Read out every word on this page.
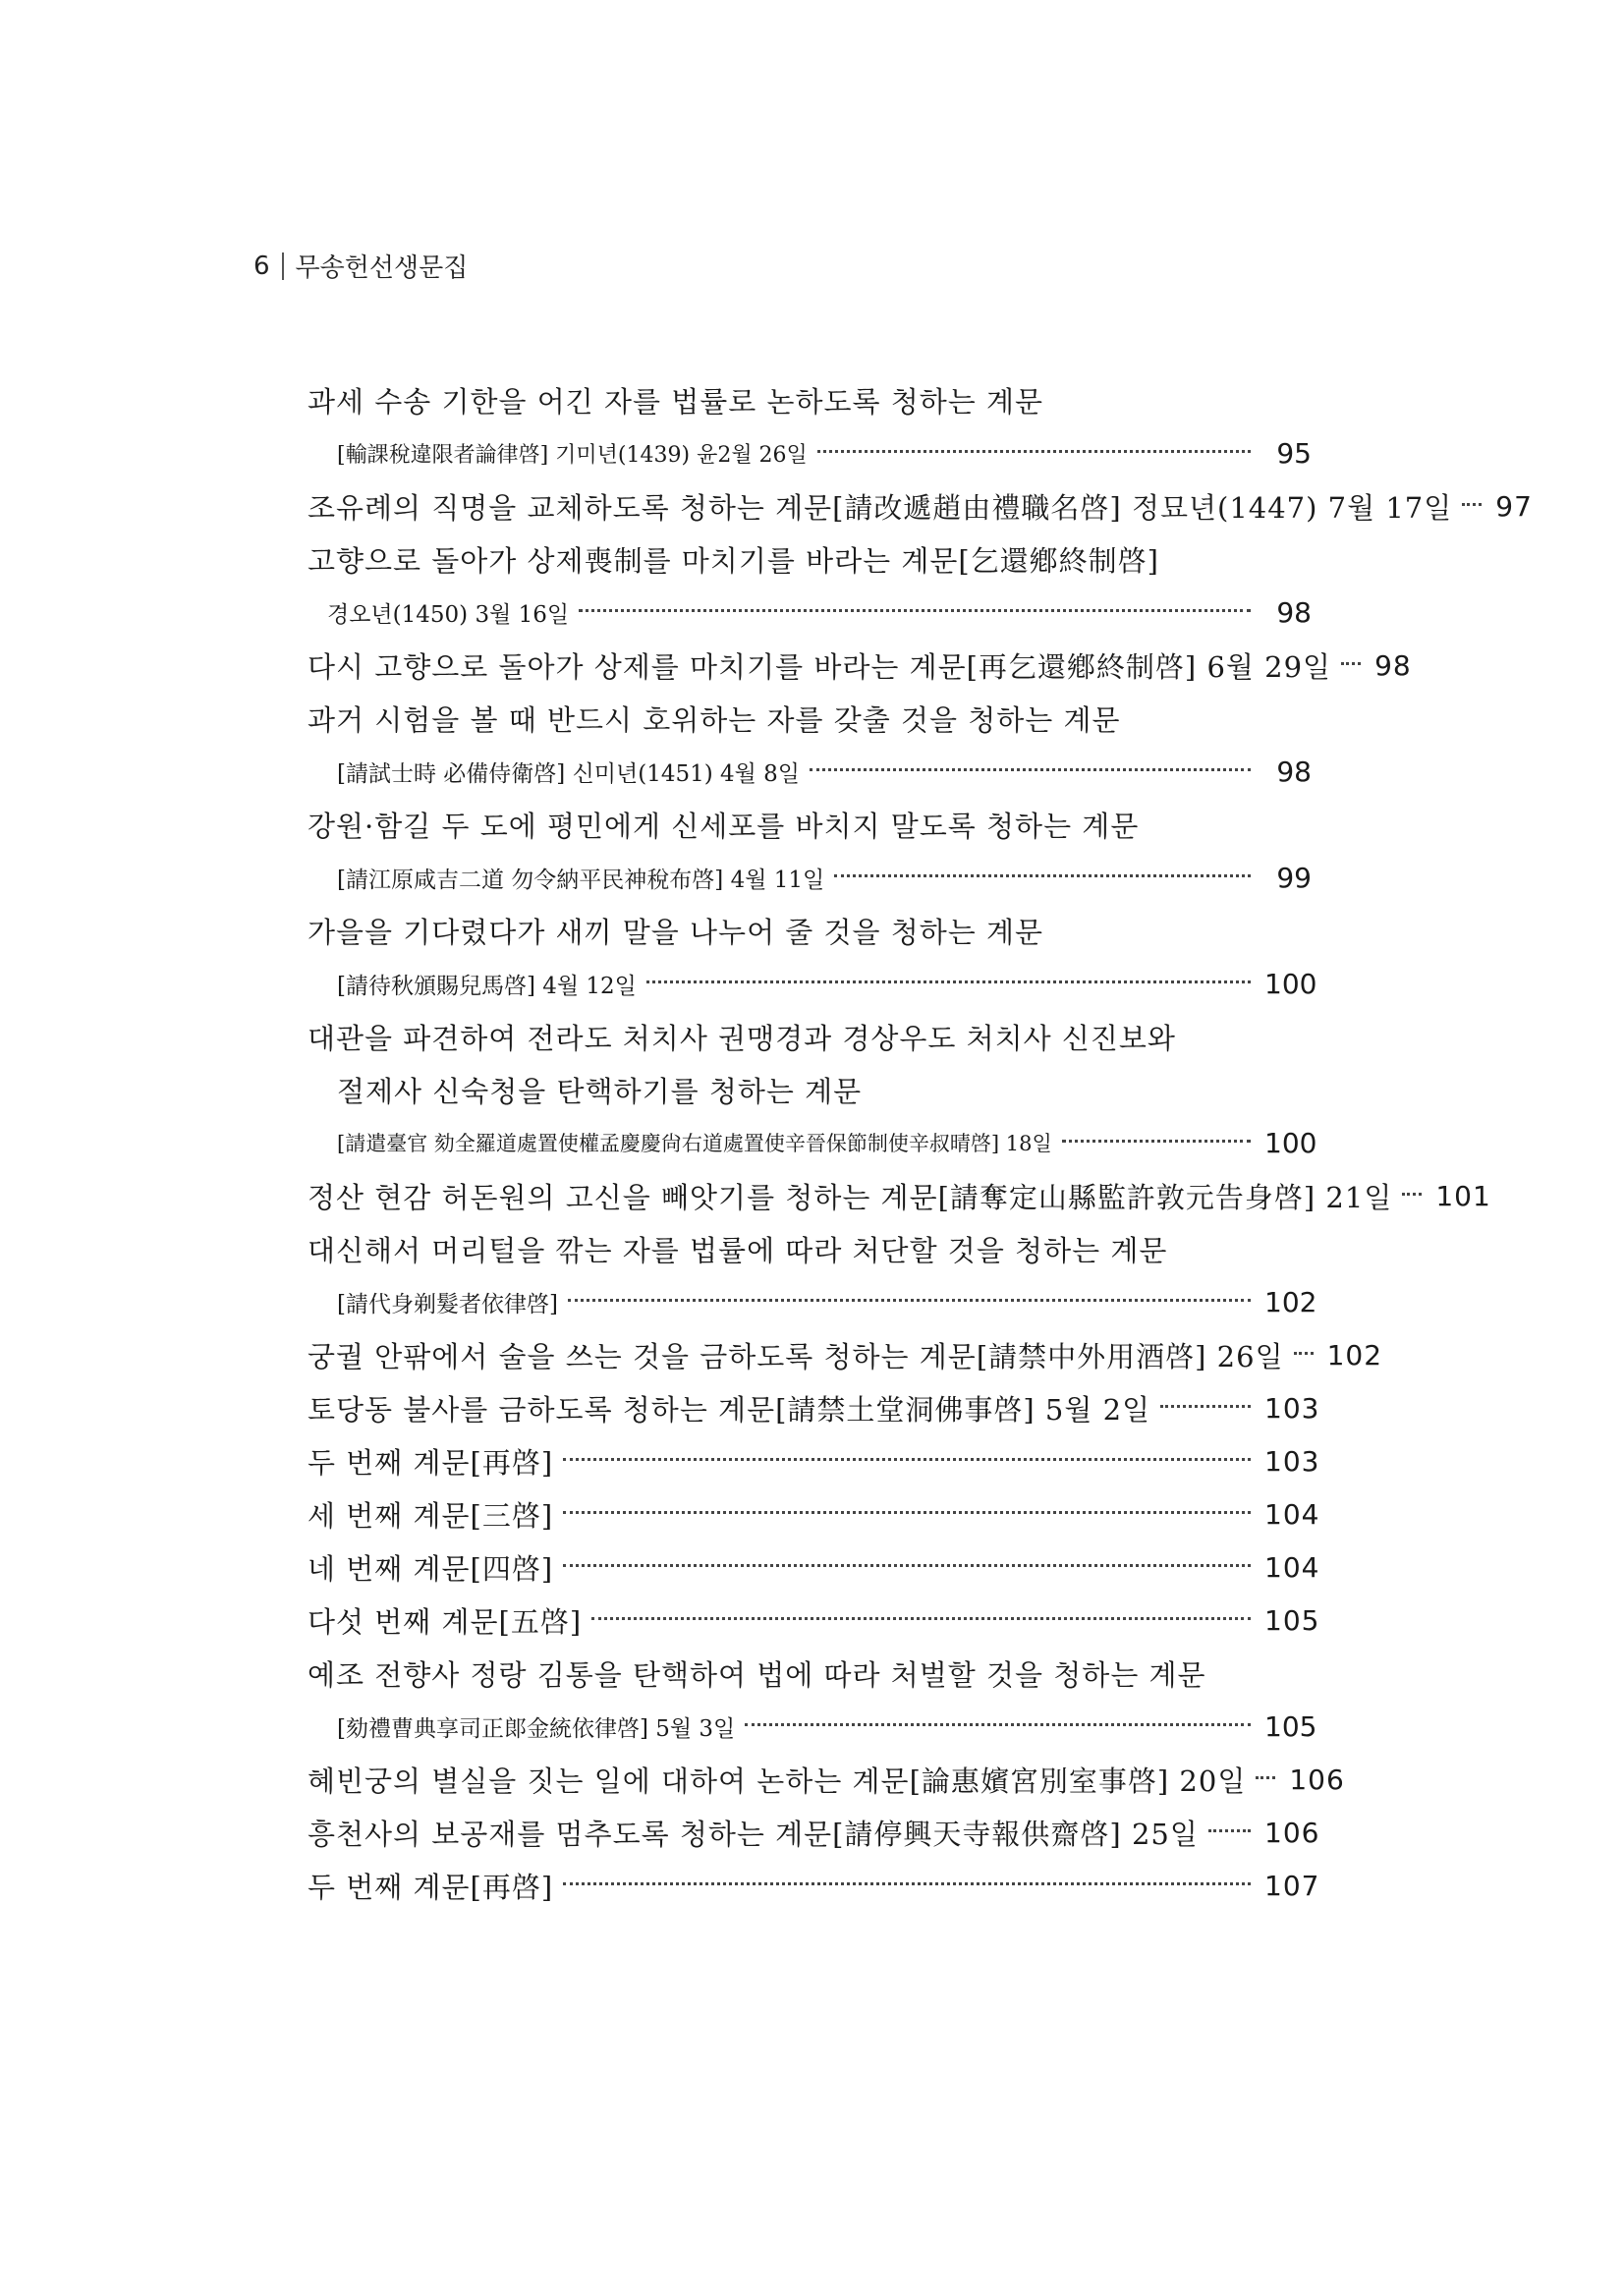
6 무송헌선생문집
과세 수송 기한을 어긴 자를 법률로 논하도록 청하는 계문
[輸課稅違限者論律啓] 기미년(1439) 윤2월 26일	95
조유례의 직명을 교체하도록 청하는 계문[請改遞趙由禮職名啓] 정묘년(1447) 7월 17일 97
고향으로 돌아가 상제喪制를 마치기를 바라는 계문[乞還鄕終制啓]
경오년(1450) 3월 16일	98
다시 고향으로 돌아가 상제를 마치기를 바라는 계문[再乞還鄕終制啓] 6월 29일 98
과거 시험을 볼 때 반드시 호위하는 자를 갖출 것을 청하는 계문
[請試士時 必備侍衛啓] 신미년(1451) 4월 8일	98
강원·함길 두 도에 평민에게 신세포를 바치지 말도록 청하는 계문
[請江原咸吉二道 勿令納平民神稅布啓] 4월 11일	99
가을을 기다렸다가 새끼 말을 나누어 줄 것을 청하는 계문
[請待秋頒賜兒馬啓] 4월 12일	100
대관을 파견하여 전라도 처치사 권맹경과 경상우도 처치사 신진보와
절제사 신숙청을 탄핵하기를 청하는 계문
[請遣臺官 劾全羅道處置使權孟慶慶尙右道處置使辛晉保節制使辛叔晴啓] 18일	100
정산 현감 허돈원의 고신을 빼앗기를 청하는 계문[請奪定山縣監許敦元告身啓] 21일 101
대신해서 머리털을 깎는 자를 법률에 따라 처단할 것을 청하는 계문
[請代身剃髮者依律啓]	102
궁궐 안팎에서 술을 쓰는 것을 금하도록 청하는 계문[請禁中外用酒啓] 26일 102
토당동 불사를 금하도록 청하는 계문[請禁土堂洞佛事啓] 5월 2일	103
두 번째 계문[再啓]	103
세 번째 계문[三啓]	104
네 번째 계문[四啓]	104
다섯 번째 계문[五啓]	105
예조 전향사 정랑 김통을 탄핵하여 법에 따라 처벌할 것을 청하는 계문
[劾禮曹典享司正郞金統依律啓] 5월 3일	105
혜빈궁의 별실을 짓는 일에 대하여 논하는 계문[論惠嬪宮別室事啓] 20일 106
흥천사의 보공재를 멈추도록 청하는 계문[請停興天寺報供齋啓] 25일 106
두 번째 계문[再啓]	107
